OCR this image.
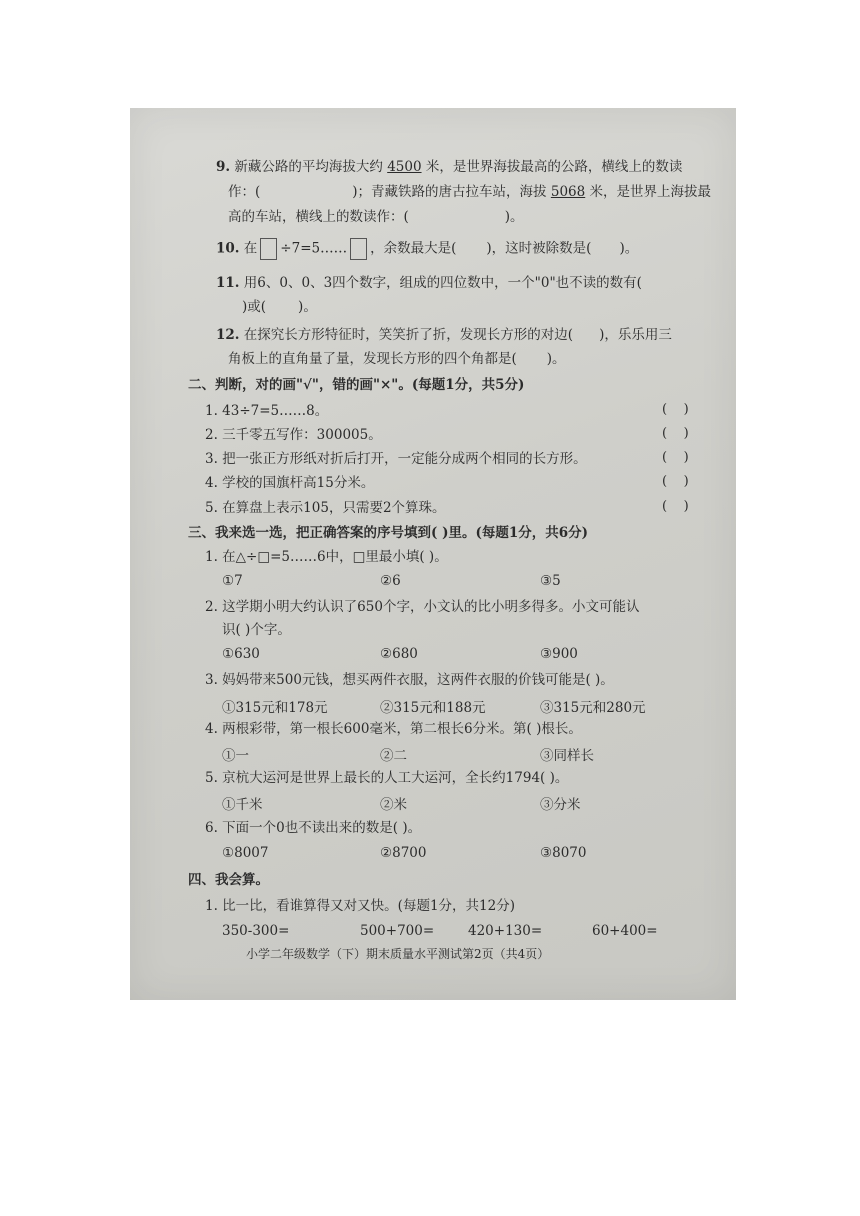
9. 新藏公路的平均海拔大约 4500 米，是世界海拔最高的公路，横线上的数读
作：(	)；青藏铁路的唐古拉车站，海拔 5068 米，是世界上海拔最
高的车站，横线上的数读作：(	)。
10. 在 ÷7=5…… ，余数最大是( )，这时被除数是( )。
11. 用6、0、0、3四个数字，组成的四位数中，一个"0"也不读的数有(
)或( )。
12. 在探究长方形特征时，笑笑折了折，发现长方形的对边( )，乐乐用三
角板上的直角量了量，发现长方形的四个角都是( )。
二、判断，对的画"√"，错的画"×"。(每题1分，共5分)
1. 43÷7=5……8。	(    )
2. 三千零五写作：300005。	(    )
3. 把一张正方形纸对折后打开，一定能分成两个相同的长方形。	(    )
4. 学校的国旗杆高15分米。	(    )
5. 在算盘上表示105，只需要2个算珠。	(    )
三、我来选一选，把正确答案的序号填到( )里。(每题1分，共6分)
1. 在△÷□=5……6中，□里最小填( )。
①7	②6	③5
2. 这学期小明大约认识了650个字，小文认的比小明多得多。小文可能认
识( )个字。
①630	②680	③900
3. 妈妈带来500元钱，想买两件衣服，这两件衣服的价钱可能是( )。
①315元和178元	②315元和188元	③315元和280元
4. 两根彩带，第一根长600毫米，第二根长6分米。第( )根长。
①一	②二	③同样长
5. 京杭大运河是世界上最长的人工大运河，全长约1794( )。
①千米	②米	③分米
6. 下面一个0也不读出来的数是( )。
①8007	②8700	③8070
四、我会算。
1. 比一比，看谁算得又对又快。(每题1分，共12分)
350-300=	500+700=	420+130=	60+400=
小学二年级数学（下）期末质量水平测试第2页（共4页）
